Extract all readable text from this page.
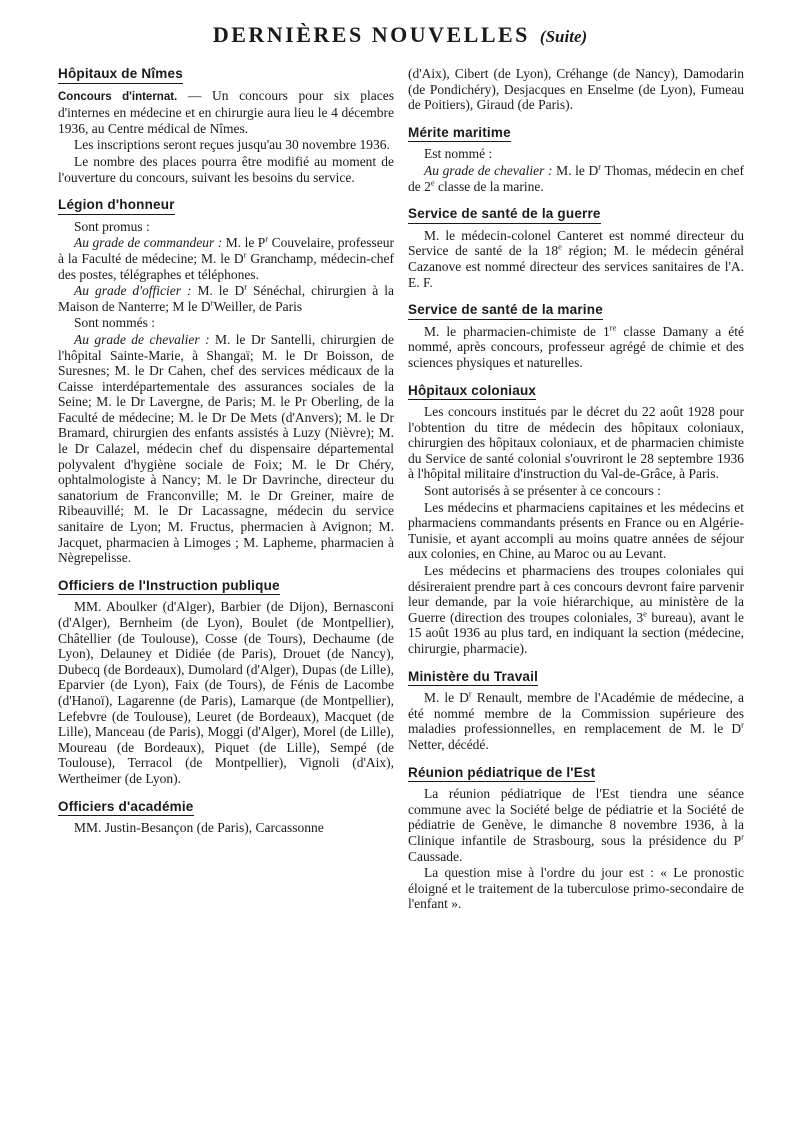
DERNIÈRES NOUVELLES (Suite)
Hôpitaux de Nîmes

Concours d'internat. — Un concours pour six places d'internes en médecine et en chirurgie aura lieu le 4 décembre 1936, au Centre médical de Nîmes.

Les inscriptions seront reçues jusqu'au 30 novembre 1936.

Le nombre des places pourra être modifié au moment de l'ouverture du concours, suivant les besoins du service.

Légion d'honneur

Sont promus :

Au grade de commandeur : M. le $P^r$ Couvelaire, professeur à la Faculté de médecine; M. le $D^r$ Granchamp, médecin-chef des postes, télégraphes et téléphones.

Au grade d'officier : M. le $D^r$ Sénéchal, chirurgien à la Maison de Nanterre; M le $D^rWeiller$, de Paris

Sont nommés :

Au grade de chevalier : M. le Dr Santelli, chirurgien de l'hôpital Sainte-Marie, à Shangaï; M. le Dr Boisson, de Suresnes; M. le Dr Cahen, chef des services médicaux de la Caisse interdépartementale des assurances sociales de la Seine; M. le Dr Lavergne, de Paris; M. le Pr Oberling, de la Faculté de médecine; M. le Dr De Mets (d'Anvers); M. le Dr Bramard, chirurgien des enfants assistés à Luzy (Nièvre); M. le Dr Calazel, médecin chef du dispensaire départemental polyvalent d'hygiène sociale de Foix; M. le Dr Chéry, ophtalmologiste à Nancy; M. le Dr Davrinche, directeur du sanatorium de Franconville; M. le Dr Greiner, maire de Ribeauvillé; M. le Dr Lacassagne, médecin du service sanitaire de Lyon; M. Fructus, phermacien à Avignon; M. Jacquet, pharmacien à Limoges ; M. Lapheme, pharmacien à Nègrepelisse.

Officiers de l'Instruction publique

MM. Aboulker (d'Alger), Barbier (de Dijon), Bernasconi (d'Alger), Bernheim (de Lyon), Boulet (de Montpellier), Châtellier (de Toulouse), Cosse (de Tours), Dechaume (de Lyon), Delauney et Didiée (de Paris), Drouet (de Nancy), Dubecq (de Bordeaux), Dumolard (d'Alger), Dupas (de Lille), Eparvier (de Lyon), Faix (de Tours), de Fénis de Lacombe (d'Hanoï), Lagarenne (de Paris), Lamarque (de Montpellier), Lefebvre (de Toulouse), Leuret (de Bordeaux), Macquet (de Lille), Manceau (de Paris), Moggi (d'Alger), Morel (de Lille), Moureau (de Bordeaux), Piquet (de Lille), Sempé (de Toulouse), Terracol (de Montpellier), Vignoli (d'Aix), Wertheimer (de Lyon).

Officiers d'académie

MM. Justin-Besançon (de Paris), Carcassonne

(d'Aix), Cibert (de Lyon), Créhange (de Nancy), Damodarin (de Pondichéry), Desjacques en Enselme (de Lyon), Fumeau de Poitiers), Giraud (de Paris).

Mérite maritime

Est nommé :

Au grade de chevalier : M. le $D^r$ Thomas, médecin en chef de 2e classe de la marine.

Service de santé de la guerre

M. le médecin-colonel Canteret est nommé directeur du Service de santé de la 18e région; M. le médecin général Cazanove est nommé directeur des services sanitaires de l'A. E. F.

Service de santé de la marine

M. le pharmacien-chimiste de 1re classe Damany a été nommé, après concours, professeur agrégé de chimie et des sciences physiques et naturelles.

Hôpitaux coloniaux

Les concours institués par le décret du 22 août 1928 pour l'obtention du titre de médecin des hôpitaux coloniaux, chirurgien des hôpitaux coloniaux, et de pharmacien chimiste du Service de santé colonial s'ouvriront le 28 septembre 1936 à l'hôpital militaire d'instruction du Val-de-Grâce, à Paris.

Sont autorisés à se présenter à ce concours :

Les médecins et pharmaciens capitaines et les médecins et pharmaciens commandants présents en France ou en Algérie-Tunisie, et ayant accompli au moins quatre années de séjour aux colonies, en Chine, au Maroc ou au Levant.

Les médecins et pharmaciens des troupes coloniales qui désireraient prendre part à ces concours devront faire parvenir leur demande, par la voie hiérarchique, au ministère de la Guerre (direction des troupes coloniales, 3e bureau), avant le 15 août 1936 au plus tard, en indiquant la section (médecine, chirurgie, pharmacie).

Ministère du Travail

M. le $D^r$ Renault, membre de l'Académie de médecine, a été nommé membre de la Commission supérieure des maladies professionnelles, en remplacement de M. le $D^r$ Netter, décédé.

Réunion pédiatrique de l'Est

La réunion pédiatrique de l'Est tiendra une séance commune avec la Société belge de pédiatrie et la Société de pédiatrie de Genève, le dimanche 8 novembre 1936, à la Clinique infantile de Strasbourg, sous la présidence du $P^r$ Caussade.

La question mise à l'ordre du jour est : « Le pronostic éloigné et le traitement de la tuberculose primo-secondaire de l'enfant ».
